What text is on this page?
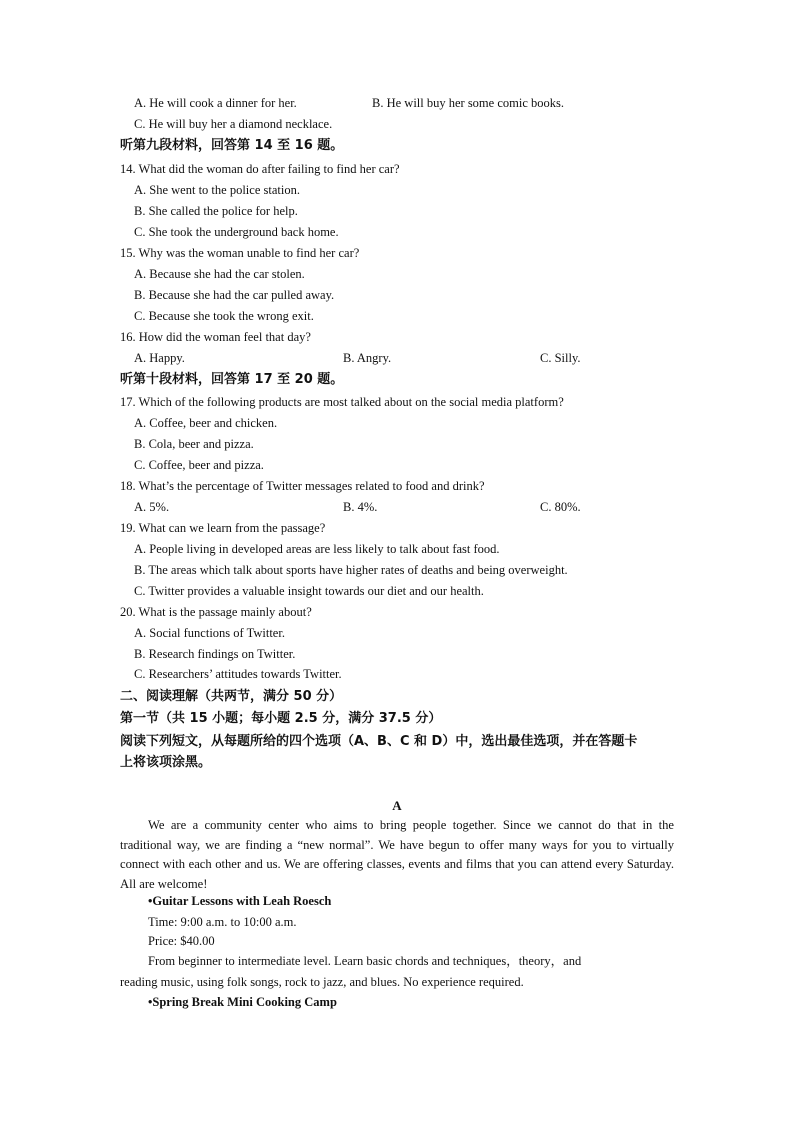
A. He will cook a dinner for her.	B. He will buy her some comic books.
C. He will buy her a diamond necklace.
听第九段材料，回答第 14 至 16 题。
14. What did the woman do after failing to find her car?
A. She went to the police station.
B. She called the police for help.
C. She took the underground back home.
15. Why was the woman unable to find her car?
A. Because she had the car stolen.
B. Because she had the car pulled away.
C. Because she took the wrong exit.
16. How did the woman feel that day?
A. Happy.	B. Angry.	C. Silly.
听第十段材料，回答第 17 至 20 题。
17. Which of the following products are most talked about on the social media platform?
A. Coffee, beer and chicken.
B. Cola, beer and pizza.
C. Coffee, beer and pizza.
18. What’s the percentage of Twitter messages related to food and drink?
A. 5%.	B. 4%.	C. 80%.
19. What can we learn from the passage?
A. People living in developed areas are less likely to talk about fast food.
B. The areas which talk about sports have higher rates of deaths and being overweight.
C. Twitter provides a valuable insight towards our diet and our health.
20. What is the passage mainly about?
A. Social functions of Twitter.
B. Research findings on Twitter.
C. Researchers’ attitudes towards Twitter.
二、阅读理解（共两节，满分 50 分）
第一节（共 15 小题；每小题 2.5 分，满分 37.5 分）
阅读下列短文，从每题所给的四个选项（A、B、C 和 D）中，选出最佳选项，并在答题卡
上将该项涂黑。
A
We are a community center who aims to bring people together. Since we cannot do that in the traditional way, we are finding a “new normal”. We have begun to offer many ways for you to virtually connect with each other and us. We are offering classes, events and films that you can attend every Saturday. All are welcome!
•Guitar Lessons with Leah Roesch
Time: 9:00 a.m. to 10:00 a.m.
Price: $40.00
From beginner to intermediate level. Learn basic chords and techniques，theory，and
reading music, using folk songs, rock to jazz, and blues. No experience required.
•Spring Break Mini Cooking Camp
